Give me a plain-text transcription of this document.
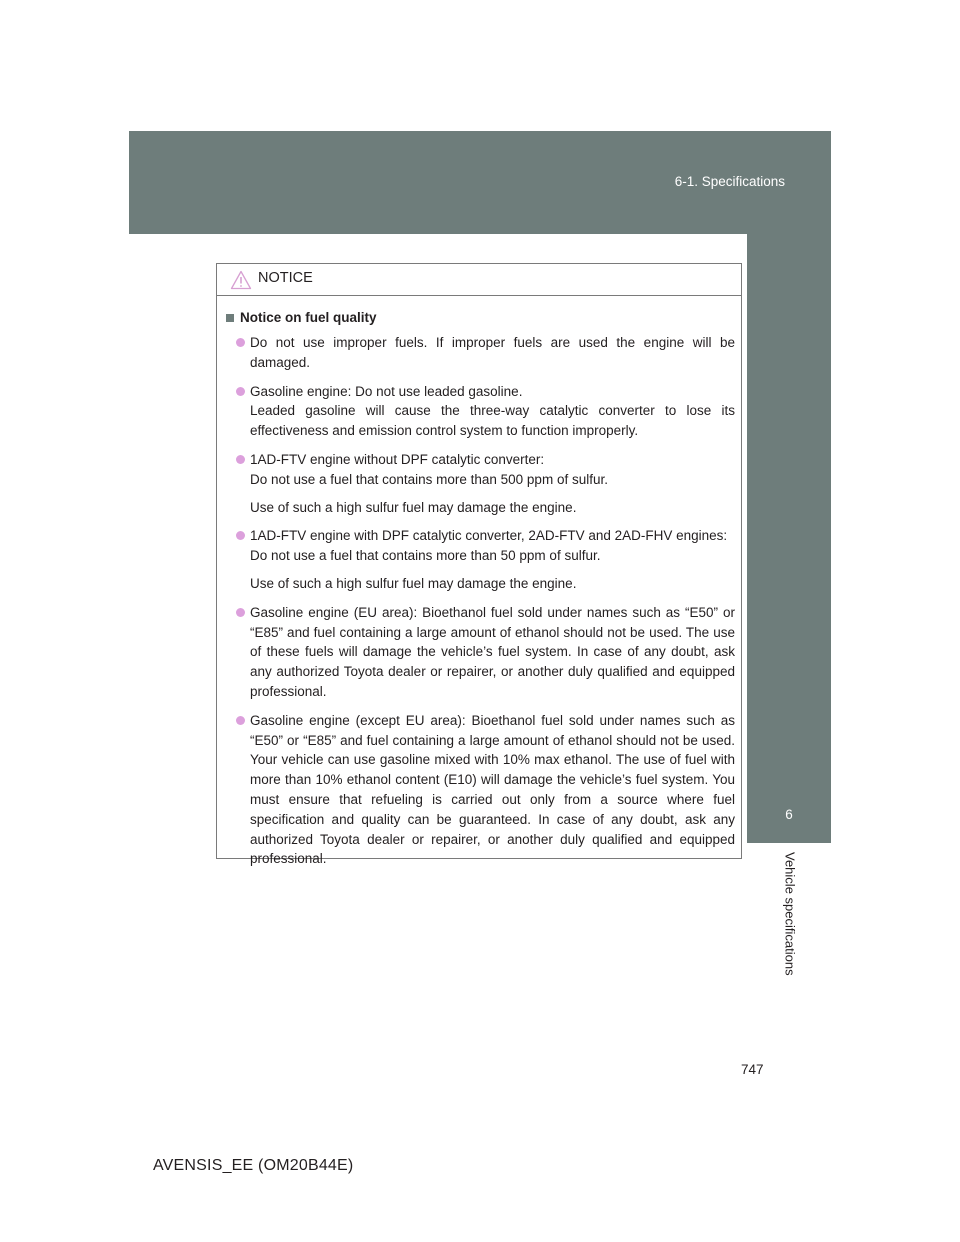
6-1. Specifications
6
Vehicle specifications
NOTICE
Notice on fuel quality

Do not use improper fuels. If improper fuels are used the engine will be damaged.

Gasoline engine: Do not use leaded gasoline.

Leaded gasoline will cause the three-way catalytic converter to lose its effectiveness and emission control system to function improperly.

1AD-FTV engine without DPF catalytic converter:

Do not use a fuel that contains more than 500 ppm of sulfur.

Use of such a high sulfur fuel may damage the engine.

1AD-FTV engine with DPF catalytic converter, 2AD-FTV and 2AD-FHV engines:

Do not use a fuel that contains more than 50 ppm of sulfur.

Use of such a high sulfur fuel may damage the engine.

Gasoline engine (EU area): Bioethanol fuel sold under names such as “E50” or “E85” and fuel containing a large amount of ethanol should not be used. The use of these fuels will damage the vehicle’s fuel system. In case of any doubt, ask any authorized Toyota dealer or repairer, or another duly qualified and equipped professional.

Gasoline engine (except EU area): Bioethanol fuel sold under names such as “E50” or “E85” and fuel containing a large amount of ethanol should not be used. Your vehicle can use gasoline mixed with 10% max ethanol. The use of fuel with more than 10% ethanol content (E10) will damage the vehicle’s fuel system. You must ensure that refueling is carried out only from a source where fuel specification and quality can be guaranteed. In case of any doubt, ask any authorized Toyota dealer or repairer, or another duly qualified and equipped professional.

747
AVENSIS_EE (OM20B44E)
